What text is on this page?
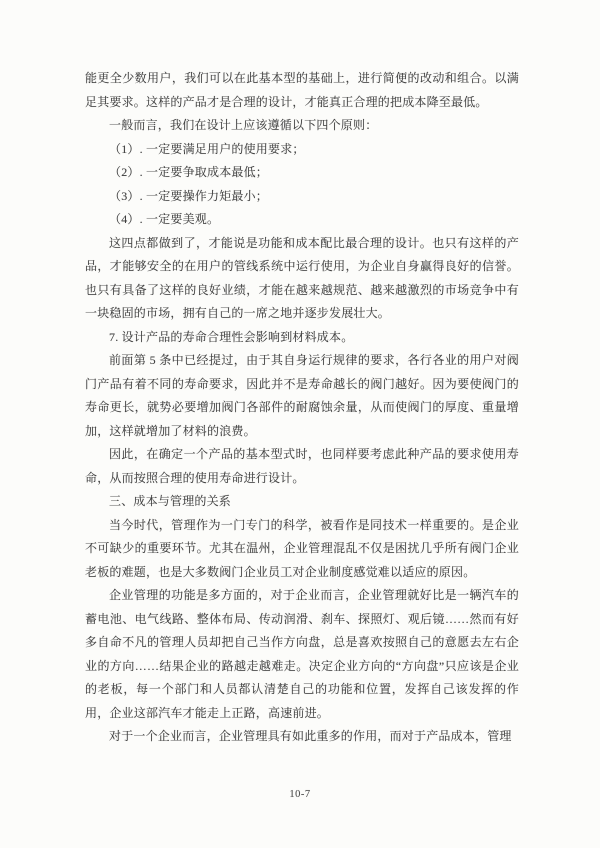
能更全少数用户，我们可以在此基本型的基础上，进行简便的改动和组合。以满足其要求。这样的产品才是合理的设计，才能真正合理的把成本降至最低。

一般而言，我们在设计上应该遵循以下四个原则：

（1）. 一定要满足用户的使用要求；

（2）. 一定要争取成本最低；

（3）. 一定要操作力矩最小；

（4）. 一定要美观。

这四点都做到了，才能说是功能和成本配比最合理的设计。也只有这样的产品，才能够安全的在用户的管线系统中运行使用，为企业自身赢得良好的信誉。也只有具备了这样的良好业绩，才能在越来越规范、越来越激烈的市场竞争中有一块稳固的市场，拥有自己的一席之地并逐步发展壮大。

7. 设计产品的寿命合理性会影响到材料成本。

前面第 5 条中已经提过，由于其自身运行规律的要求，各行各业的用户对阀门产品有着不同的寿命要求，因此并不是寿命越长的阀门越好。因为要使阀门的寿命更长，就势必要增加阀门各部件的耐腐蚀余量，从而使阀门的厚度、重量增加，这样就增加了材料的浪费。

因此，在确定一个产品的基本型式时，也同样要考虑此种产品的要求使用寿命，从而按照合理的使用寿命进行设计。

三、成本与管理的关系

当今时代，管理作为一门专门的科学，被看作是同技术一样重要的。是企业不可缺少的重要环节。尤其在温州，企业管理混乱不仅是困扰几乎所有阀门企业老板的难题，也是大多数阀门企业员工对企业制度感觉难以适应的原因。

企业管理的功能是多方面的，对于企业而言，企业管理就好比是一辆汽车的蓄电池、电气线路、整体布局、传动润滑、刹车、探照灯、观后镜……然而有好多自命不凡的管理人员却把自己当作方向盘，总是喜欢按照自己的意愿去左右企业的方向……结果企业的路越走越难走。决定企业方向的“方向盘”只应该是企业的老板，每一个部门和人员都认清楚自己的功能和位置，发挥自己该发挥的作用，企业这部汽车才能走上正路，高速前进。

对于一个企业而言，企业管理具有如此重多的作用，而对于产品成本，管理

10-7
